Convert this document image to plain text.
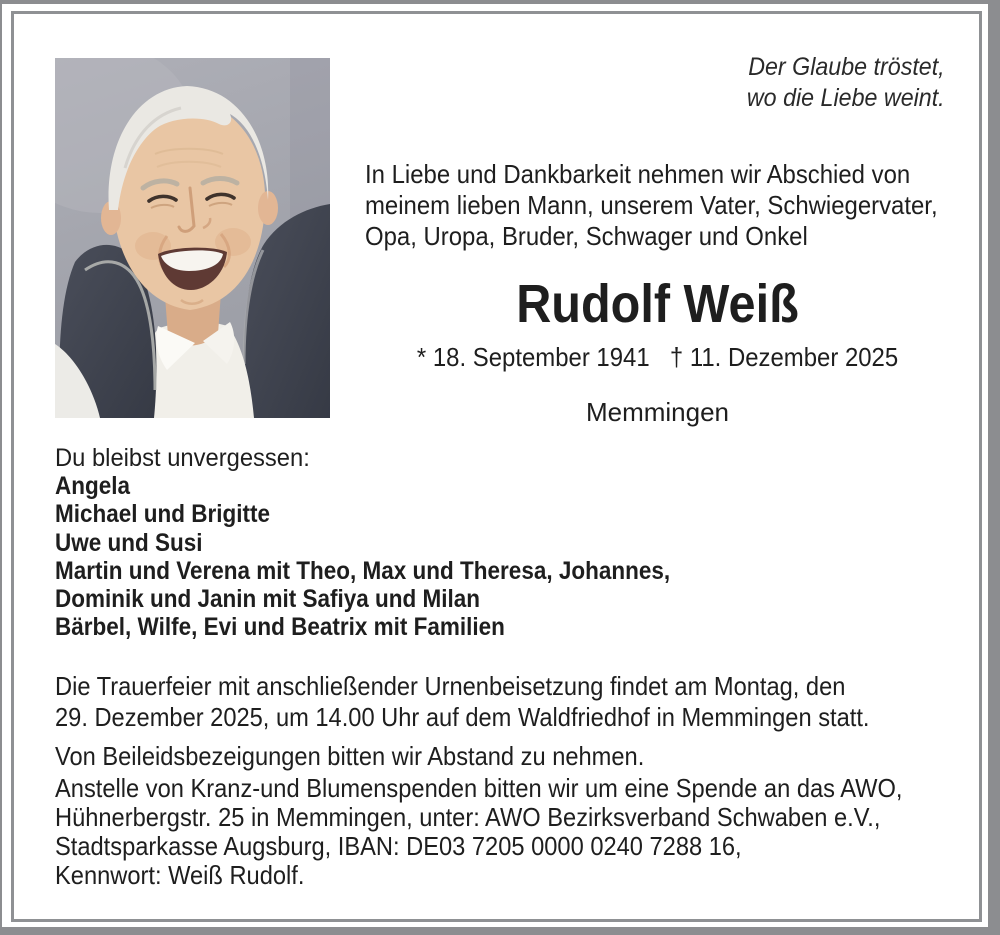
Der Glaube tröstet,
wo die Liebe weint.
In Liebe und Dankbarkeit nehmen wir Abschied von
meinem lieben Mann, unserem Vater, Schwiegervater,
Opa, Uropa, Bruder, Schwager und Onkel
Rudolf Weiß
* 18. September 1941 † 11. Dezember 2025
Memmingen
Du bleibst unvergessen:
Angela
Michael und Brigitte
Uwe und Susi
Martin und Verena mit Theo, Max und Theresa, Johannes,
Dominik und Janin mit Safiya und Milan
Bärbel, Wilfe, Evi und Beatrix mit Familien
Die Trauerfeier mit anschließender Urnenbeisetzung findet am Montag, den
29. Dezember 2025, um 14.00 Uhr auf dem Waldfriedhof in Memmingen statt.
Von Beileidsbezeigungen bitten wir Abstand zu nehmen.
Anstelle von Kranz-und Blumenspenden bitten wir um eine Spende an das AWO,
Hühnerbergstr. 25 in Memmingen, unter: AWO Bezirksverband Schwaben e.V.,
Stadtsparkasse Augsburg, IBAN: DE03 7205 0000 0240 7288 16,
Kennwort: Weiß Rudolf.
